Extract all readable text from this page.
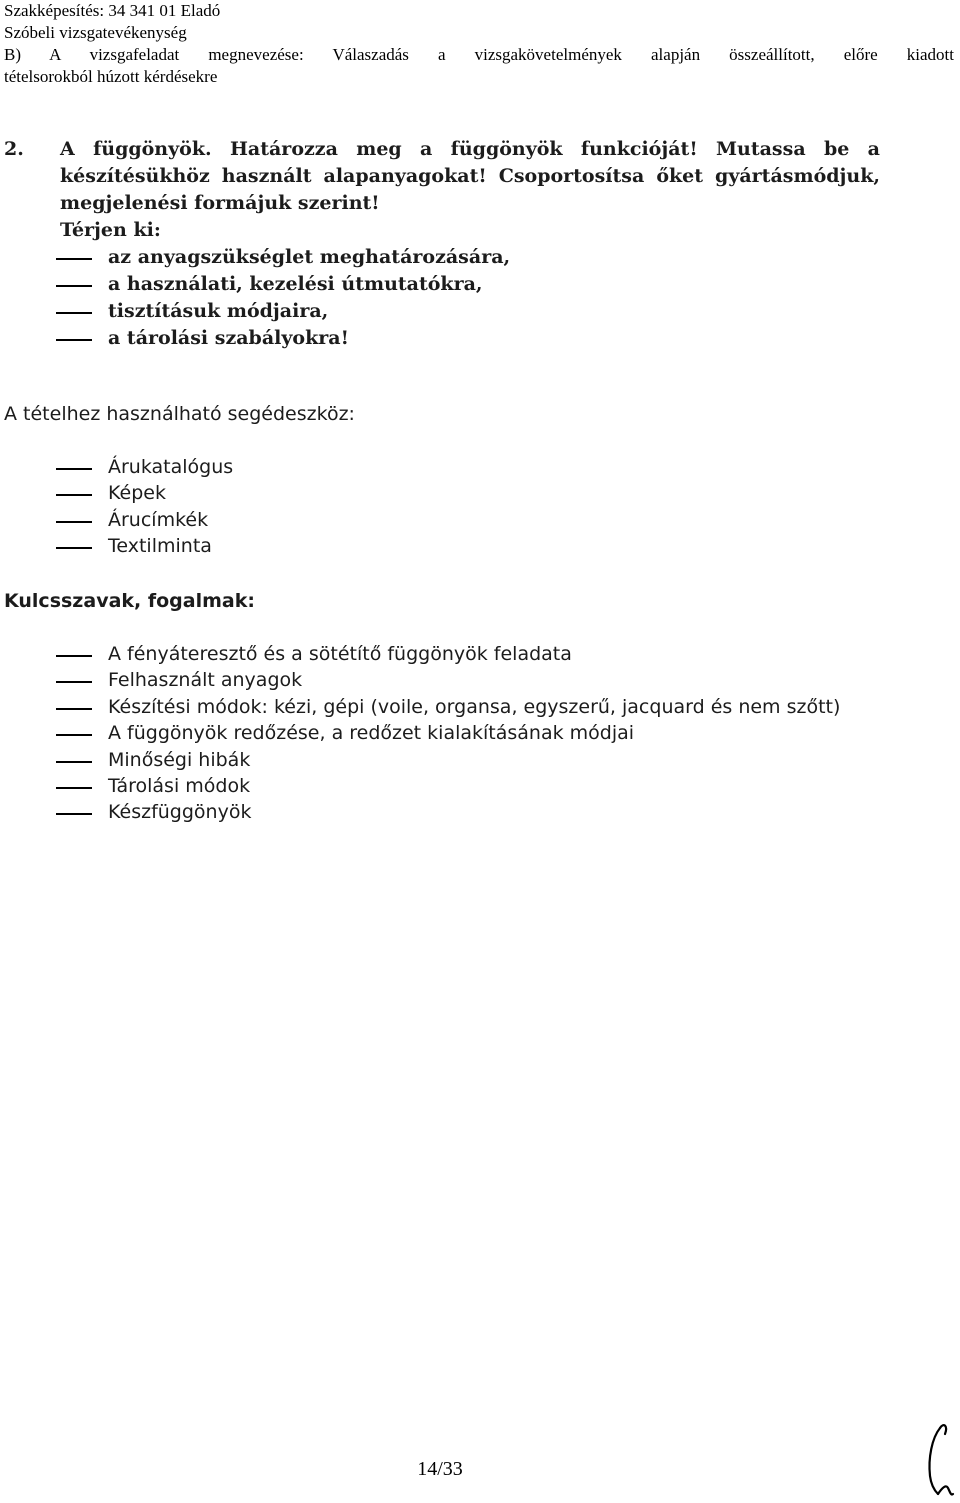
Szakképesítés: 34 341 01 Eladó
Szóbeli vizsgatevékenység
B) A vizsgafeladat megnevezése: Válaszadás a vizsgakövetelmények alapján összeállított, előre kiadott
tételsorokból húzott kérdésekre

2. A függönyök. Határozza meg a függönyök funkcióját! Mutassa be a készítésükhöz használt alapanyagokat! Csoportosítsa őket gyártásmódjuk, megjelenési formájuk szerint!

Térjen ki:

az anyagszükséglet meghatározására,
a használati, kezelési útmutatókra,
tisztításuk módjaira,
a tárolási szabályokra!

A tételhez használható segédeszköz:

Árukatalógus
Képek
Árucímkék
Textilminta

Kulcsszavak, fogalmak:

A fényáteresztő és a sötétítő függönyök feladata
Felhasznált anyagok
Készítési módok: kézi, gépi (voile, organsa, egyszerű, jacquard és nem szőtt)
A függönyök redőzése, a redőzet kialakításának módjai
Minőségi hibák
Tárolási módok
Készfüggönyök
14/33
